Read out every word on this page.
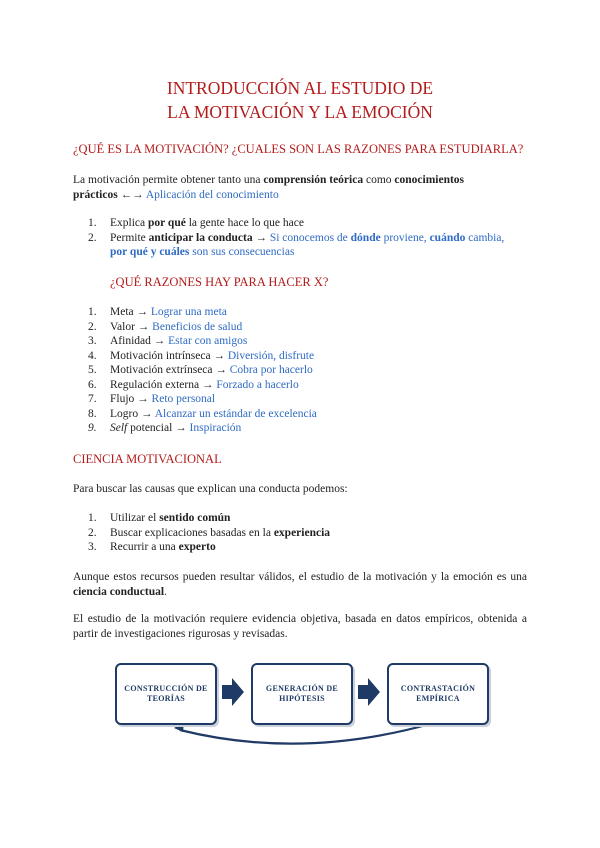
INTRODUCCIÓN AL ESTUDIO DE
LA MOTIVACIÓN Y LA EMOCIÓN
¿QUÉ ES LA MOTIVACIÓN? ¿CUALES SON LAS RAZONES PARA ESTUDIARLA?
La motivación permite obtener tanto una comprensión teórica como conocimientos
prácticos ←→ Aplicación del conocimiento
1. Explica por qué la gente hace lo que hace
2. Permite anticipar la conducta → Si conocemos de dónde proviene, cuándo cambia,
por qué y cuáles son sus consecuencias
¿QUÉ RAZONES HAY PARA HACER X?
1. Meta → Lograr una meta
2. Valor → Beneficios de salud
3. Afinidad → Estar con amigos
4. Motivación intrínseca → Diversión, disfrute
5. Motivación extrínseca → Cobra por hacerlo
6. Regulación externa → Forzado a hacerlo
7. Flujo → Reto personal
8. Logro → Alcanzar un estándar de excelencia
9. Self potencial → Inspiración
CIENCIA MOTIVACIONAL
Para buscar las causas que explican una conducta podemos:
1. Utilizar el sentido común
2. Buscar explicaciones basadas en la experiencia
3. Recurrir a una experto
Aunque estos recursos pueden resultar válidos, el estudio de la motivación y la emoción es una ciencia conductual.
El estudio de la motivación requiere evidencia objetiva, basada en datos empíricos, obtenida a partir de investigaciones rigurosas y revisadas.
CONSTRUCCIÓN DE TEORÍAS
GENERACIÓN DE HIPÓTESIS
CONTRASTACIÓN EMPÍRICA
